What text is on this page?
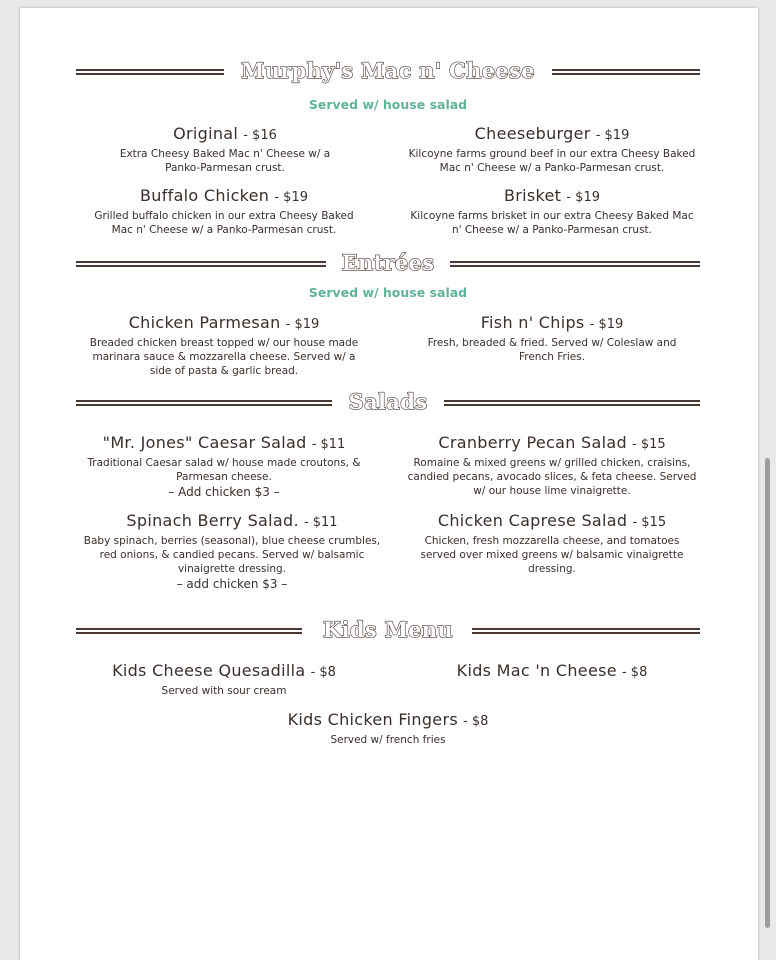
Murphy's Mac n' Cheese
Served w/ house salad
Original - $16
Extra Cheesy Baked Mac n' Cheese w/ a Panko-Parmesan crust.
Cheeseburger - $19
Kilcoyne farms ground beef in our extra Cheesy Baked Mac n' Cheese w/ a Panko-Parmesan crust.
Buffalo Chicken - $19
Grilled buffalo chicken in our extra Cheesy Baked Mac n' Cheese w/ a Panko-Parmesan crust.
Brisket - $19
Kilcoyne farms brisket in our extra Cheesy Baked Mac n' Cheese w/ a Panko-Parmesan crust.
Entrées
Served w/ house salad
Chicken Parmesan - $19
Breaded chicken breast topped w/ our house made marinara sauce & mozzarella cheese. Served w/ a side of pasta & garlic bread.
Fish n' Chips - $19
Fresh, breaded & fried. Served w/ Coleslaw and French Fries.
Salads
"Mr. Jones" Caesar Salad - $11
Traditional Caesar salad w/ house made croutons, & Parmesan cheese.
– Add chicken $3 –
Cranberry Pecan Salad - $15
Romaine & mixed greens w/ grilled chicken, craisins, candied pecans, avocado slices, & feta cheese. Served w/ our house lime vinaigrette.
Spinach Berry Salad. - $11
Baby spinach, berries (seasonal), blue cheese crumbles, red onions, & candied pecans. Served w/ balsamic vinaigrette dressing.
– add chicken $3 –
Chicken Caprese Salad - $15
Chicken, fresh mozzarella cheese, and tomatoes served over mixed greens w/ balsamic vinaigrette dressing.
Kids Menu
Kids Cheese Quesadilla - $8
Served with sour cream
Kids Mac 'n Cheese - $8
Kids Chicken Fingers - $8
Served w/ french fries
